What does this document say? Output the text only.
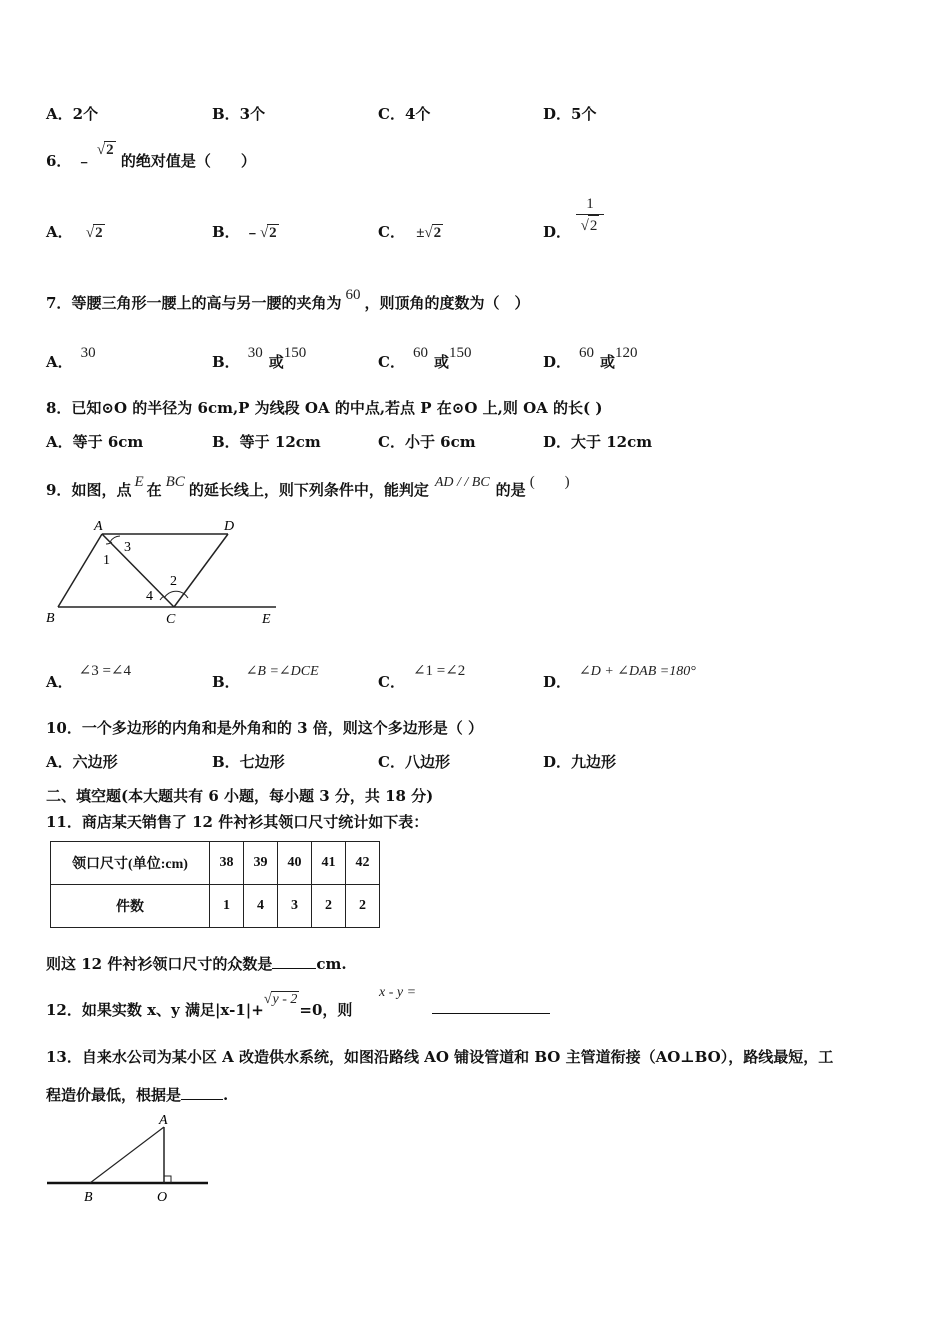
A．2个	B．3个	C．4个	D．5个
6． ﹣ √2 的绝对值是（　　）
A． √2	B． ﹣√2	C． ±√2	D．
1
√2
7．等腰三角形一腰上的高与另一腰的夹角为 60 ，则顶角的度数为（　）
A． 30	B． 30 或150	C． 60 或150	D． 60 或120
8．已知⊙O 的半径为 6cm,P 为线段 OA 的中点,若点 P 在⊙O 上,则 OA 的长( )
A．等于 6cm	B．等于 12cm	C．小于 6cm	D．大于 12cm
9．如图，点 E 在 BC 的延长线上，则下列条件中，能判定 AD / / BC 的是 (　　)
A	D
B	C	E
1
2
3
4
A．∠3 =∠4
B．∠B =∠DCE
C．∠1 =∠2
D．∠D + ∠DAB =180°
10．一个多边形的内角和是外角和的 3 倍，则这个多边形是（ ）
A．六边形	B．七边形	C．八边形	D．九边形
二、填空题(本大题共有 6 小题，每小题 3 分，共 18 分)
11．商店某天销售了 12 件衬衫其领口尺寸统计如下表：
领口尺寸(单位:cm)	38	39	40	41	42
件数	1	4	3	2	2
则这 12 件衬衫领口尺寸的众数是	cm.
12．如果实数 x、y 满足|x-1|+√y - 2=0，则
x - y =
13．自来水公司为某小区 A 改造供水系统，如图沿路线 AO 铺设管道和 BO 主管道衔接（AO⊥BO），路线最短，工
程造价最低，根据是	.
A
B	O
